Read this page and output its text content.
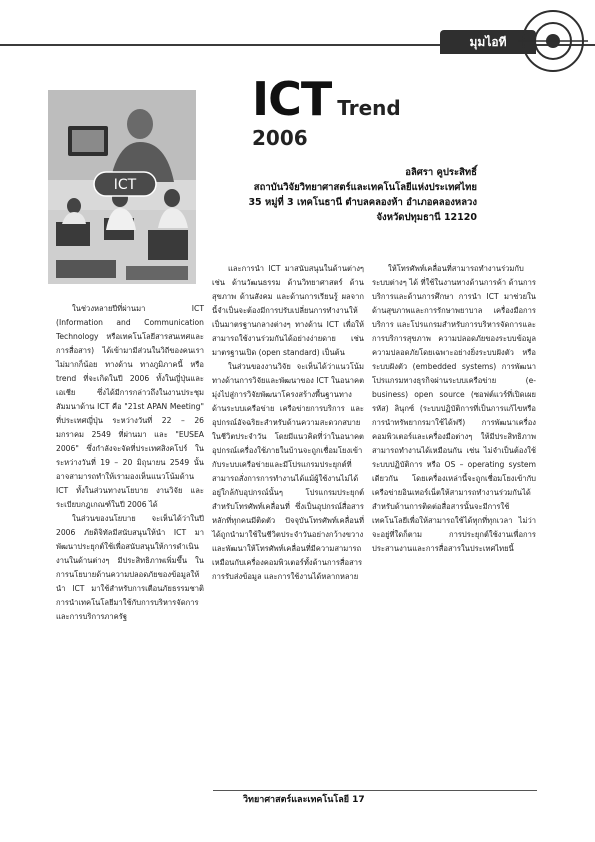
มุมไอที
ICT Trend 2006
ICT
อลิศรา คูประสิทธิ์
สถาบันวิจัยวิทยาศาสตร์และเทคโนโลยีแห่งประเทศไทย
35 หมู่ที่ 3 เทคโนธานี ตำบลคลองห้า อำเภอคลองหลวง
จังหวัดปทุมธานี 12120

ในช่วงหลายปีที่ผ่านมา ICT (Information and Communication Technology หรือเทคโนโลยีสารสนเทศและการสื่อสาร) ได้เข้ามามีส่วนในวิถีของคนเราไม่มากก็น้อย ทางด้าน ทางภูมิภาคนี้ หรือ trend ที่จะเกิดในปี 2006 ทั้งในญี่ปุ่นและเอเชีย ซึ่งได้มีการกล่าวถึงในงานประชุมสัมมนาด้าน ICT คือ "21st APAN Meeting" ที่ประเทศญี่ปุ่น ระหว่างวันที่ 22 – 26 มกราคม 2549 ที่ผ่านมา และ "EUSEA 2006" ซึ่งกำลังจะจัดที่ประเทศสิงคโปร์ ในระหว่างวันที่ 19 – 20 มิถุนายน 2549 นั้น อาจสามารถทำให้เรามองเห็นแนวโน้มด้าน ICT ทั้งในส่วนทางนโยบาย งานวิจัย และระเบียบกฎเกณฑ์ในปี 2006 ได้

ในส่วนของนโยบาย จะเห็นได้ว่าในปี 2006 ภัยดิจิทัลมีสนับสนุนให้นำ ICT มาพัฒนาประยุกต์ใช้เพื่อสนับสนุนให้การดำเนินงานในด้านต่างๆ มีประสิทธิภาพเพิ่มขึ้น ในการนโยบายด้านความปลอดภัยของข้อมูลให้นำ ICT มาใช้สำหรับการเตือนภัยธรรมชาติ การนำเทคโนโลยีมาใช้กับการบริหารจัดการและการบริการภาครัฐ

และการนำ ICT มาสนับสนุนในด้านต่างๆ เช่น ด้านวัฒนธรรม ด้านวิทยาศาสตร์ ด้านสุขภาพ ด้านสังคม และด้านการเรียนรู้ ผลจากนี้จำเป็นจะต้องมีการปรับเปลี่ยนการทำงานให้เป็นมาตรฐานกลางต่างๆ ทางด้าน ICT เพื่อให้สามารถใช้งานร่วมกันได้อย่างง่ายดาย เช่น มาตรฐานเปิด (open standard) เป็นต้น

ในส่วนของงานวิจัย จะเห็นได้ว่าแนวโน้มทางด้านการวิจัยและพัฒนาของ ICT ในอนาคตมุ่งไปสู่การวิจัยพัฒนาโครงสร้างพื้นฐานทางด้านระบบเครือข่าย เครือข่ายการบริการ และอุปกรณ์อัจฉริยะสำหรับด้านความสะดวกสบายในชีวิตประจำวัน โดยมีแนวคิดที่ว่าในอนาคตอุปกรณ์เครื่องใช้ภายในบ้านจะถูกเชื่อมโยงเข้ากับระบบเครือข่ายและมีโปรแกรมประยุกต์ที่สามารถสั่งการการทำงานได้แม้ผู้ใช้งานไม่ได้อยู่ใกล้กับอุปกรณ์นั้นๆ โปรแกรมประยุกต์สำหรับโทรศัพท์เคลื่อนที่ ซึ่งเป็นอุปกรณ์สื่อสารหลักที่ทุกคนมีติดตัว ปัจจุบันโทรศัพท์เคลื่อนที่ได้ถูกนำมาใช้ในชีวิตประจำวันอย่างกว้างขวางและพัฒนาให้โทรศัพท์เคลื่อนที่มีความสามารถเหมือนกับเครื่องคอมพิวเตอร์ทั้งด้านการสื่อสาร การรับส่งข้อมูล และการใช้งานได้หลากหลาย

ให้โทรศัพท์เคลื่อนที่สามารถทำงานร่วมกับระบบต่างๆ ได้ ที่ใช้ในงานทางด้านการค้า ด้านการบริการและด้านการศึกษา การนำ ICT มาช่วยในด้านสุขภาพและการรักษาพยาบาล เครื่องมือการบริการ และโปรแกรมสำหรับการบริหารจัดการและการบริการสุขภาพ ความปลอดภัยของระบบข้อมูลความปลอดภัยโดยเฉพาะอย่างยิ่งระบบฝังตัว หรือระบบฝังตัว (embedded systems) การพัฒนาโปรแกรมทางธุรกิจผ่านระบบเครือข่าย (e-business) open source (ซอฟต์แวร์ที่เปิดเผยรหัส) ลินุกซ์ (ระบบปฏิบัติการที่เป็นการแก้ไขหรือการนำทรัพยากรมาใช้ได้ฟรี) การพัฒนาเครื่องคอมพิวเตอร์และเครื่องมือต่างๆ ให้มีประสิทธิภาพ สามารถทำงานได้เหมือนกัน เช่น ไม่จำเป็นต้องใช้ระบบปฏิบัติการ หรือ OS – operating system เดียวกัน โดยเครื่องเหล่านี้จะถูกเชื่อมโยงเข้ากับเครือข่ายอินเทอร์เน็ตให้สามารถทำงานร่วมกันได้ สำหรับด้านการติดต่อสื่อสารนั้นจะมีการใช้เทคโนโลยีเพื่อให้สามารถใช้ได้ทุกที่ทุกเวลา ไม่ว่าจะอยู่ที่ใดก็ตาม การประยุกต์ใช้งานเพื่อการประสานงานและการสื่อสารในประเทศไทยนี้

วิทยาศาสตร์และเทคโนโลยี 17
